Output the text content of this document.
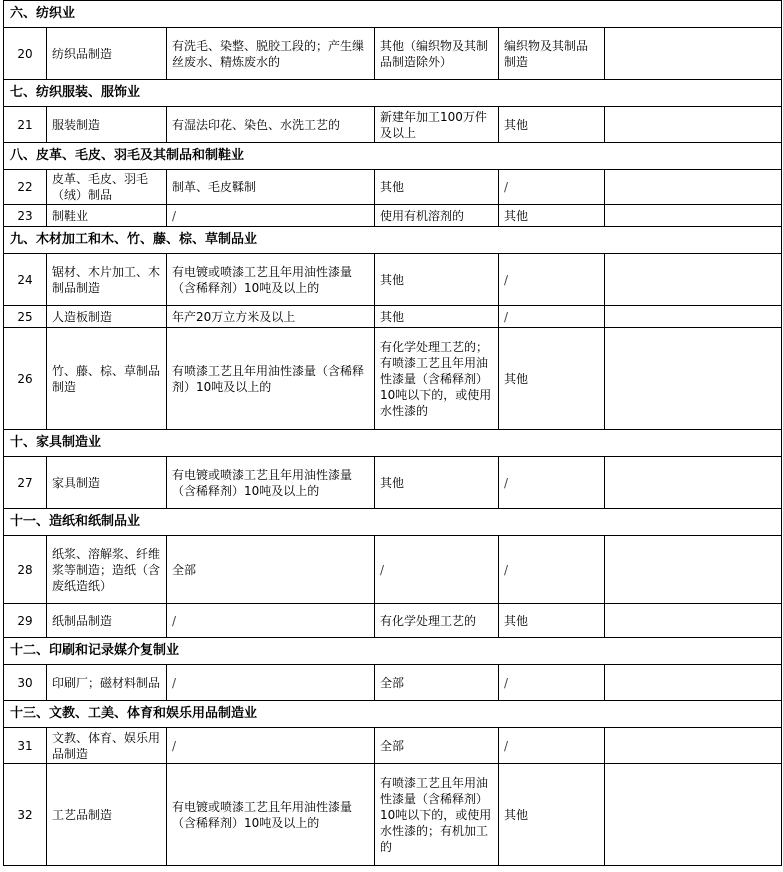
六、纺织业					
20	纺织品制造	有洗毛、染整、脱胶工段的；产生缫丝废水、精炼废水的	其他（编织物及其制品制造除外）	编织物及其制品制造	
七、纺织服装、服饰业					
21	服装制造	有湿法印花、染色、水洗工艺的	新建年加工100万件及以上	其他	
八、皮革、毛皮、羽毛及其制品和制鞋业					
22	皮革、毛皮、羽毛（绒）制品	制革、毛皮鞣制	其他	/	
23	制鞋业	/	使用有机溶剂的	其他	
九、木材加工和木、竹、藤、棕、草制品业					
24	锯材、木片加工、木制品制造	有电镀或喷漆工艺且年用油性漆量（含稀释剂）10吨及以上的	其他	/	
25	人造板制造	年产20万立方米及以上	其他	/	
26	竹、藤、棕、草制品制造	有喷漆工艺且年用油性漆量（含稀释剂）10吨及以上的	有化学处理工艺的；有喷漆工艺且年用油性漆量（含稀释剂）10吨以下的，或使用水性漆的	其他	
十、家具制造业					
27	家具制造	有电镀或喷漆工艺且年用油性漆量（含稀释剂）10吨及以上的	其他	/	
十一、造纸和纸制品业					
28	纸浆、溶解浆、纤维浆等制造；造纸（含废纸造纸）	全部	/	/	
29	纸制品制造	/	有化学处理工艺的	其他	
十二、印刷和记录媒介复制业					
30	印刷厂；磁材料制品	/	全部	/	
十三、文教、工美、体育和娱乐用品制造业					
31	文教、体育、娱乐用品制造	/	全部	/	
32	工艺品制造	有电镀或喷漆工艺且年用油性漆量（含稀释剂）10吨及以上的	有喷漆工艺且年用油性漆量（含稀释剂）10吨以下的，或使用水性漆的；有机加工的	其他	
